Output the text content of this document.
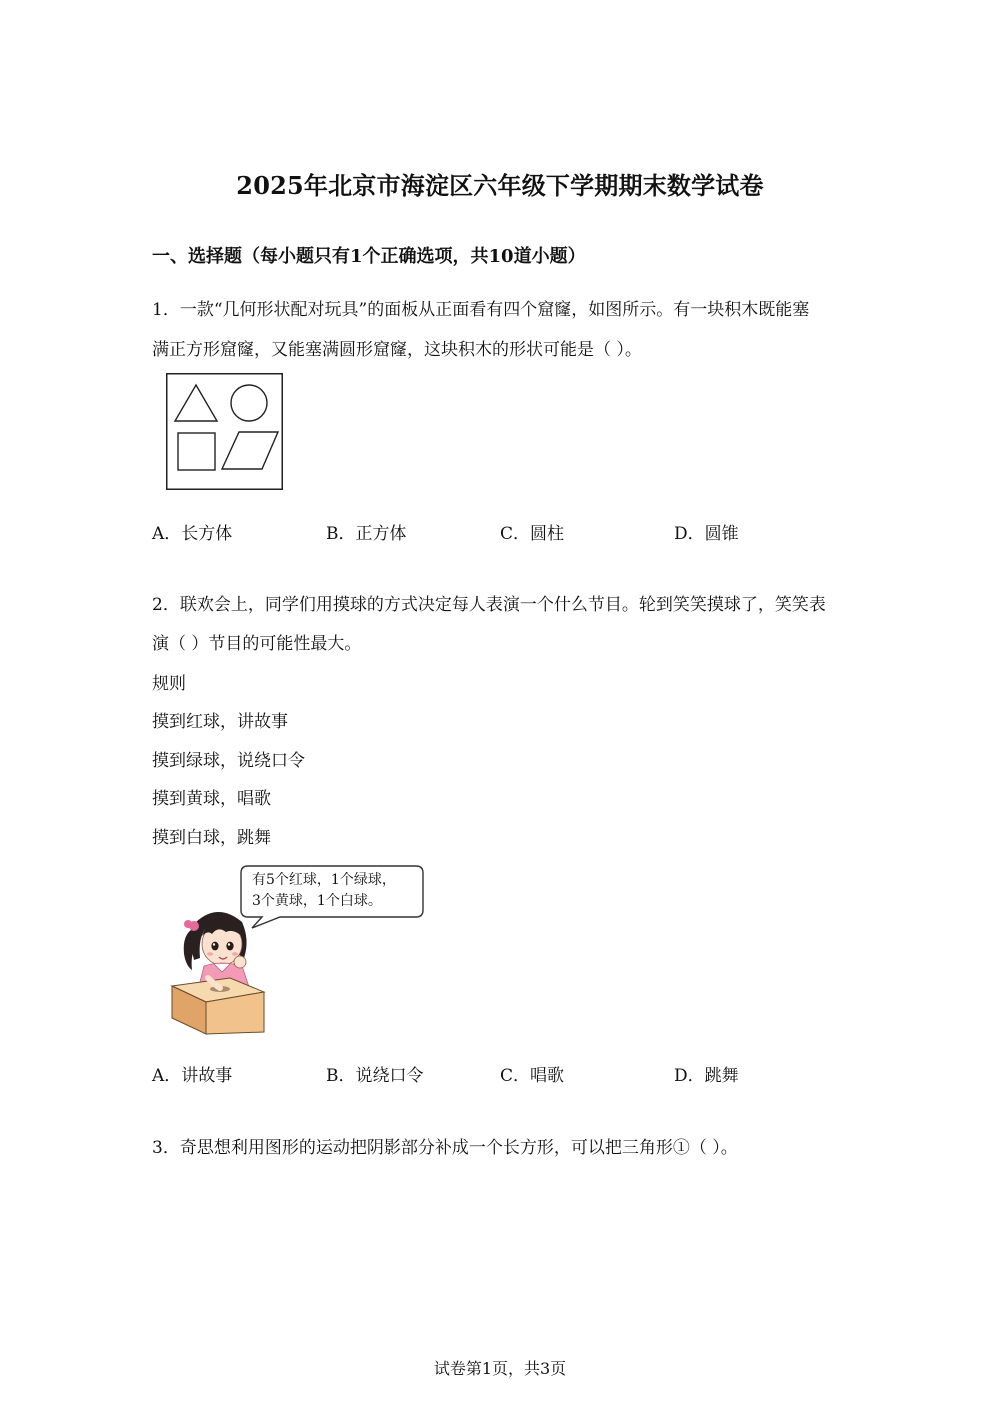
2025年北京市海淀区六年级下学期期末数学试卷
一、选择题（每小题只有1个正确选项，共10道小题）
1．一款“几何形状配对玩具”的面板从正面看有四个窟窿，如图所示。有一块积木既能塞
满正方形窟窿，又能塞满圆形窟窿，这块积木的形状可能是（ ）。
A．长方体	B．正方体	C．圆柱	D．圆锥
2．联欢会上，同学们用摸球的方式决定每人表演一个什么节目。轮到笑笑摸球了，笑笑表
演（ ）节目的可能性最大。
规则
摸到红球，讲故事
摸到绿球，说绕口令
摸到黄球，唱歌
摸到白球，跳舞
有5个红球，1个绿球，
3个黄球，1个白球。
A．讲故事	B．说绕口令	C．唱歌	D．跳舞
3．奇思想利用图形的运动把阴影部分补成一个长方形，可以把三角形①（ ）。
试卷第1页，共3页
